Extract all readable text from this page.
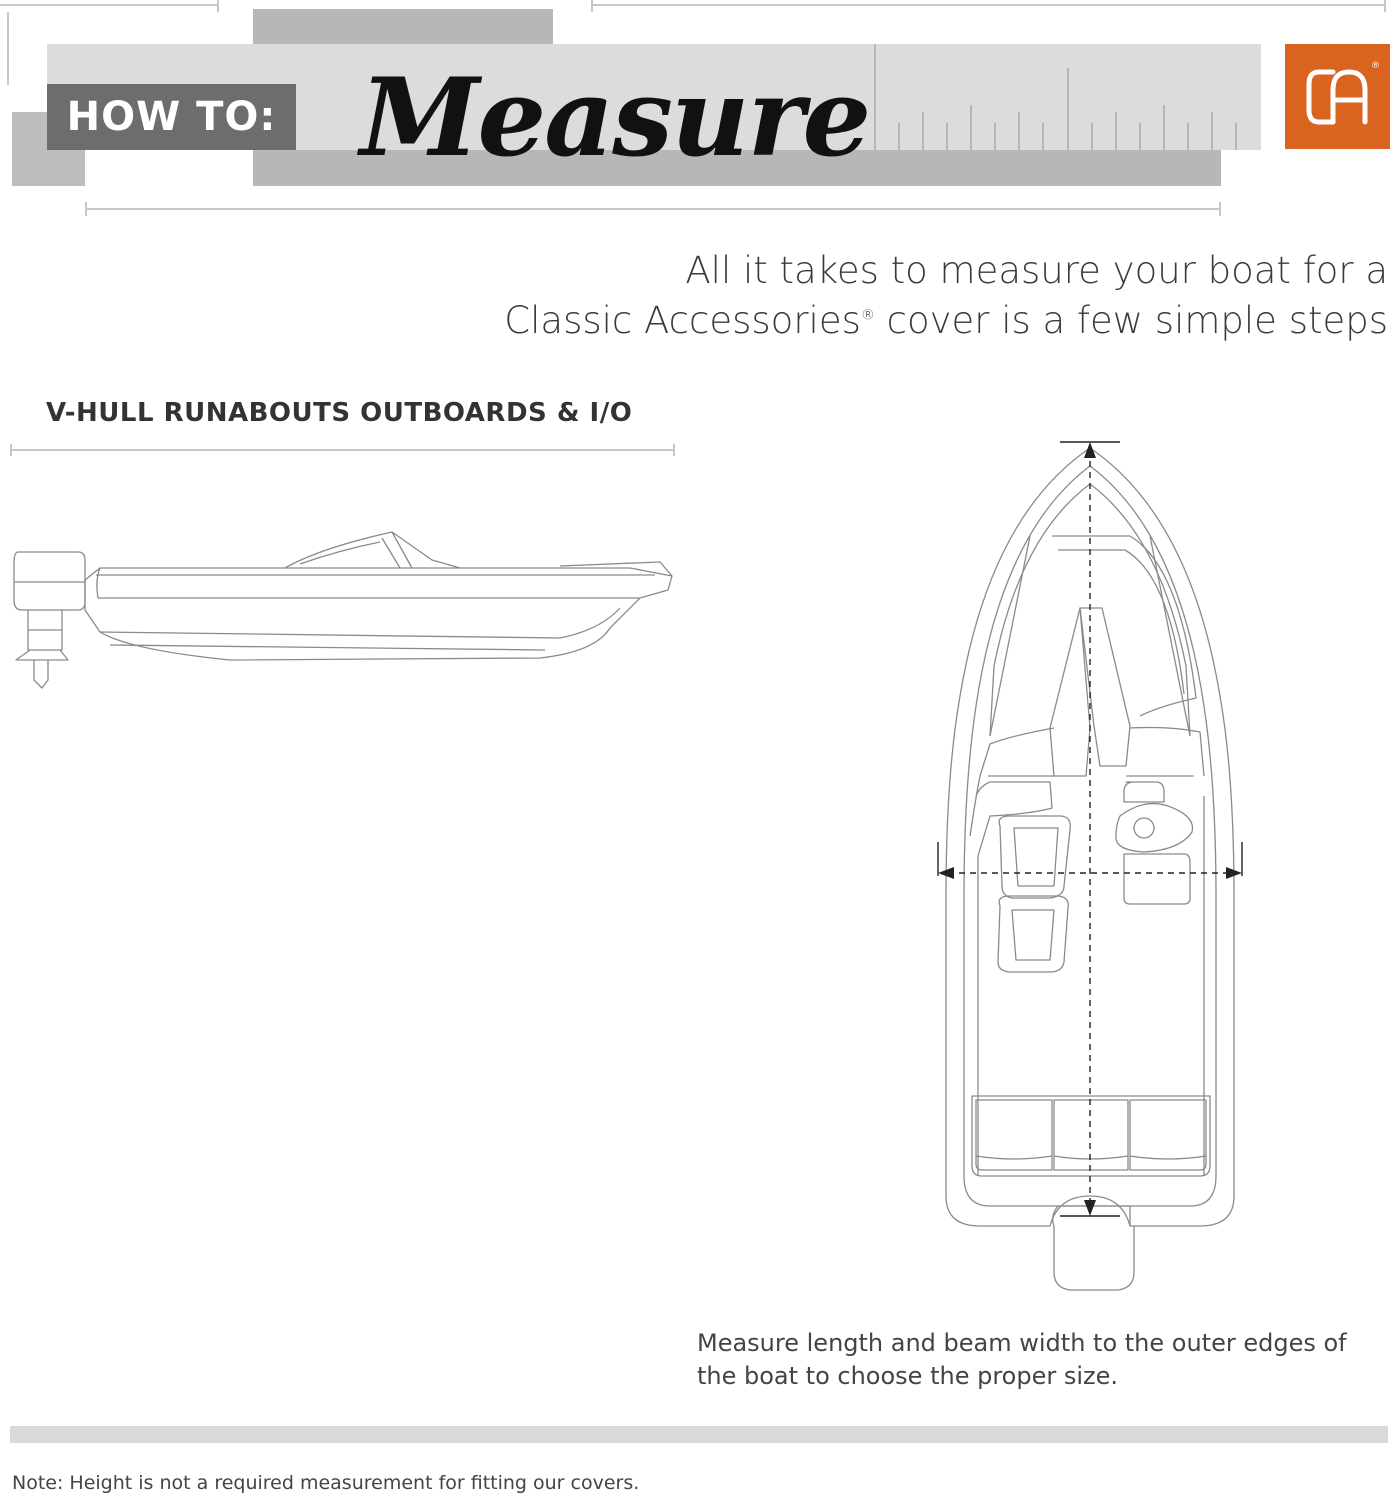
HOW TO: Measure	®
All it takes to measure your boat for a
Classic Accessories® cover is a few simple steps
V-HULL RUNABOUTS OUTBOARDS & I/O
Measure length and beam width to the outer edges of the boat to choose the proper size.
Note: Height is not a required measurement for fitting our covers.
